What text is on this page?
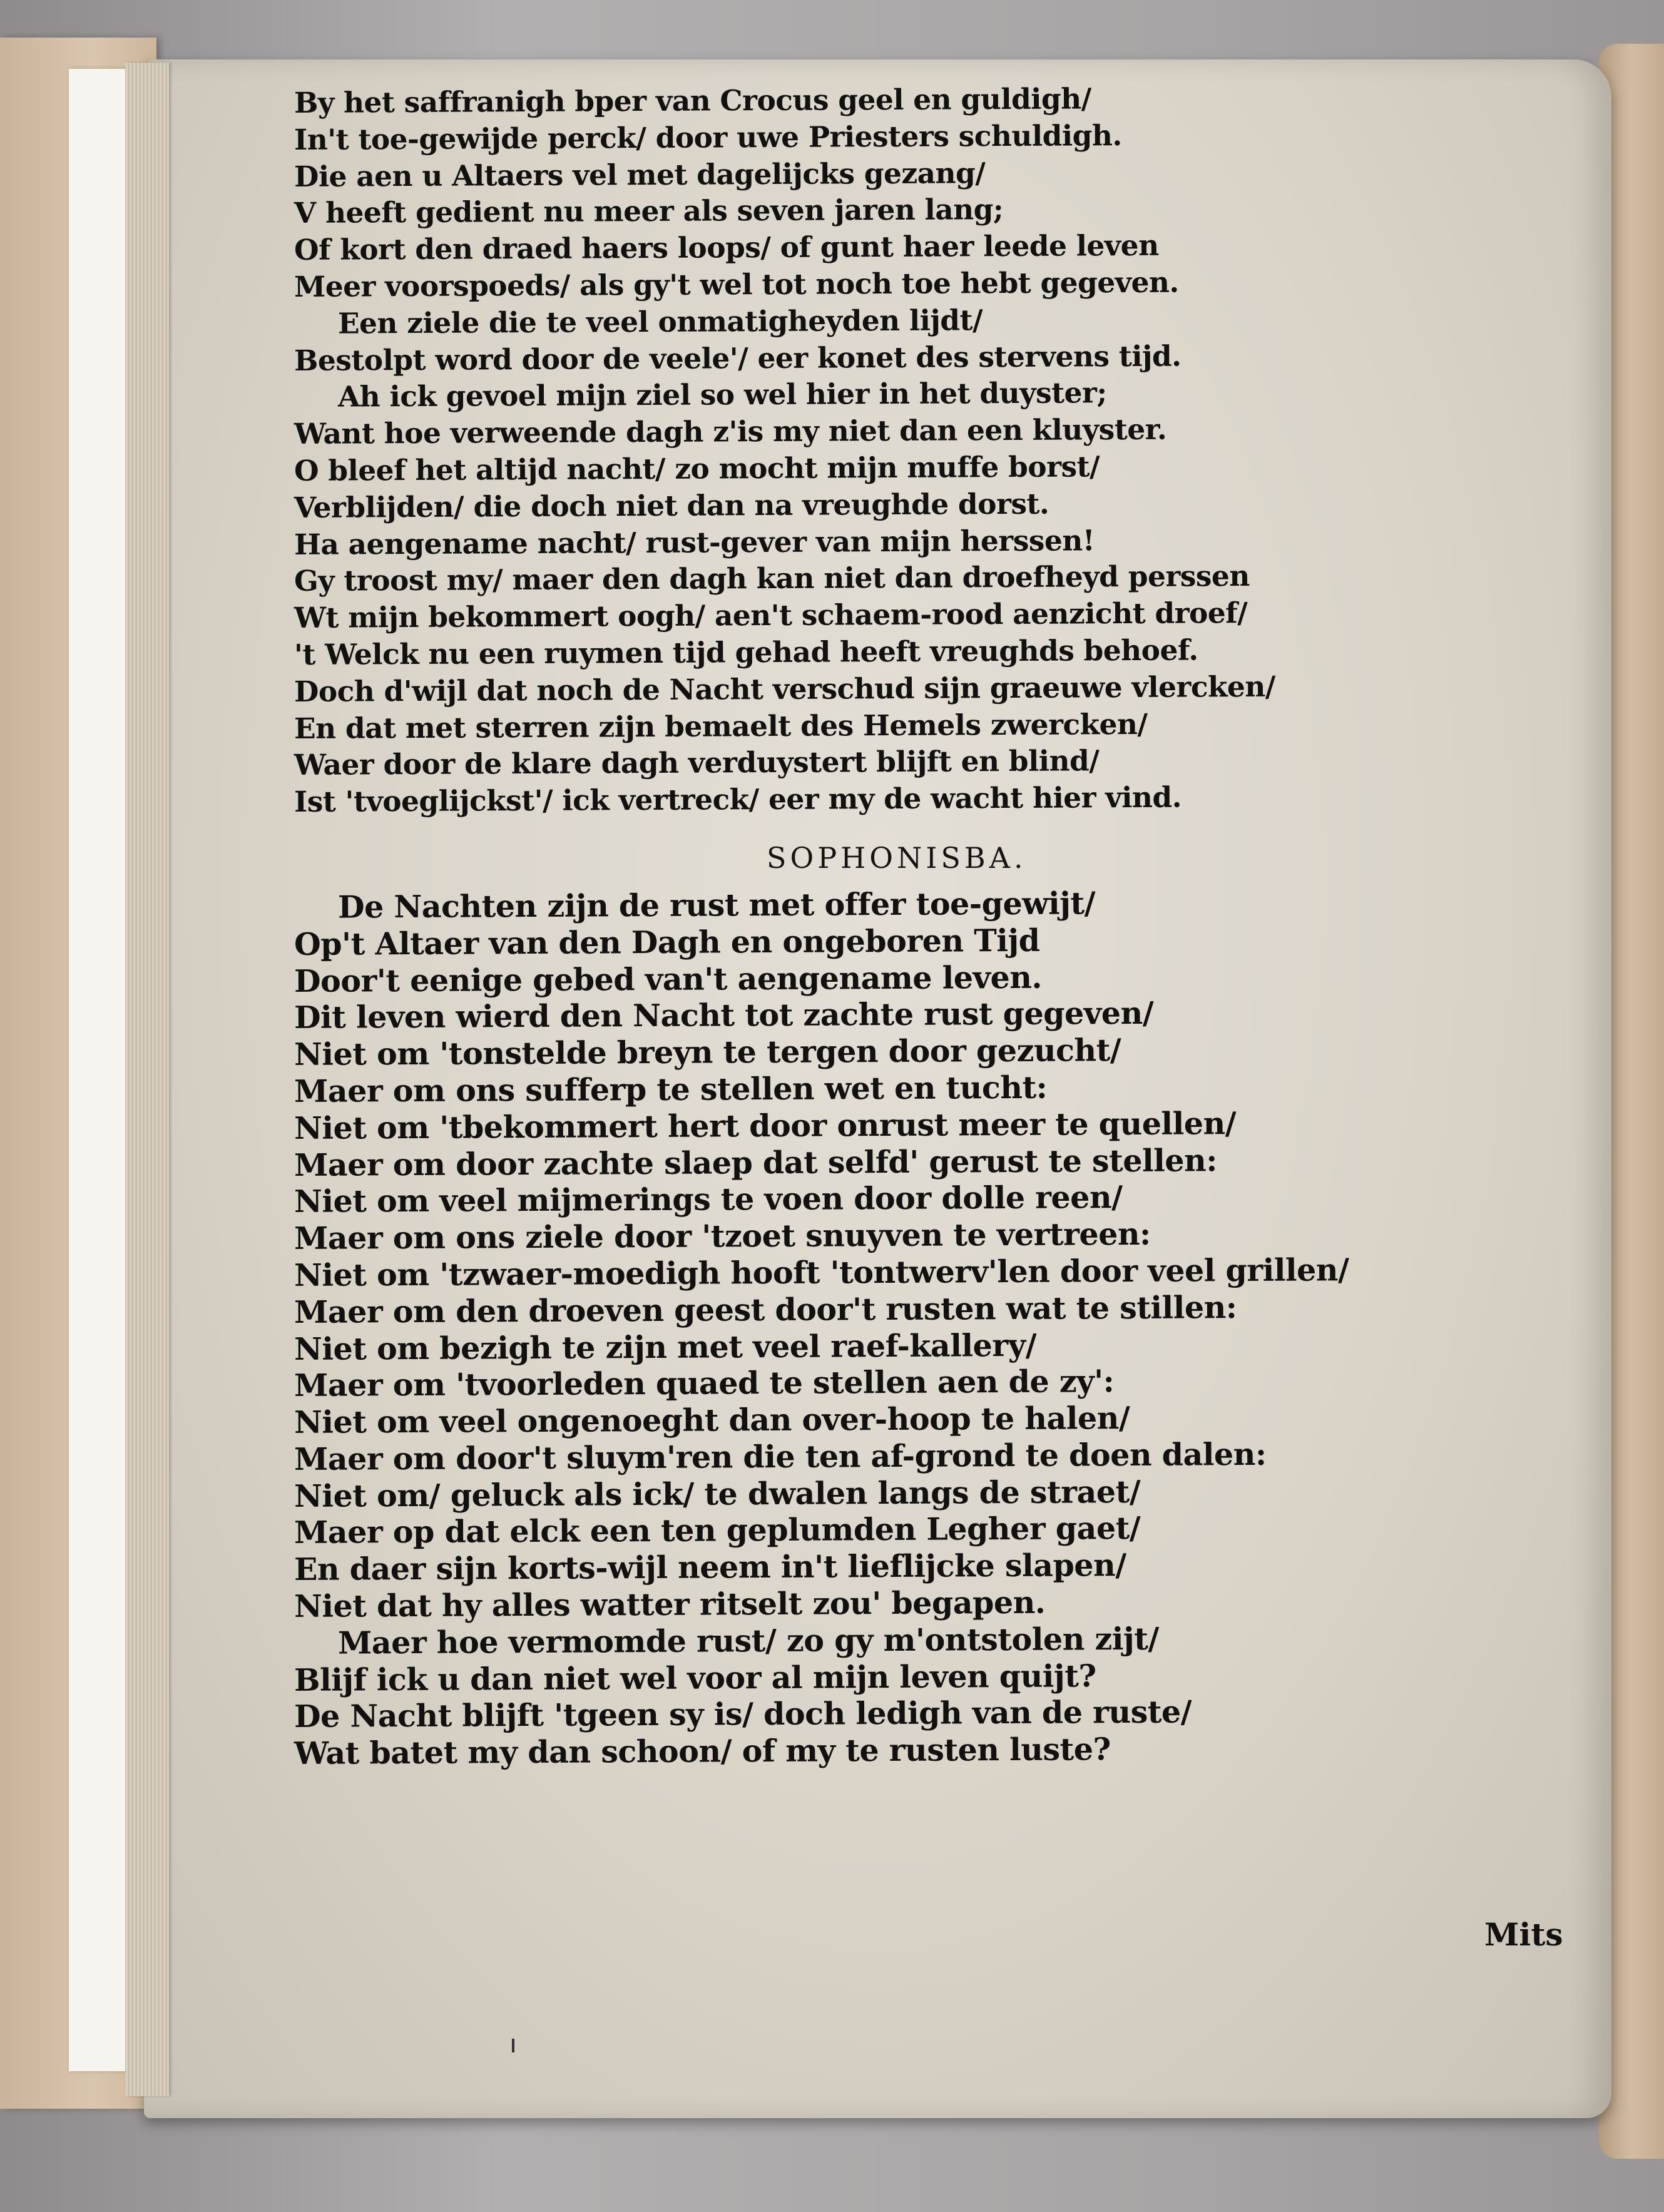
By het saffranigh bper van Crocus geel en guldigh/
In't toe-gewijde perck/ door uwe Priesters schuldigh.
Die aen u Altaers vel met dagelijcks gezang/
V heeft gedient nu meer als seven jaren lang;
Of kort den draed haers loops/ of gunt haer leede leven
Meer voorspoeds/ als gy't wel tot noch toe hebt gegeven.
Een ziele die te veel onmatigheyden lijdt/
Bestolpt word door de veele'/ eer konet des stervens tijd.
Ah ick gevoel mijn ziel so wel hier in het duyster;
Want hoe verweende dagh z'is my niet dan een kluyster.
O bleef het altijd nacht/ zo mocht mijn muffe borst/
Verblijden/ die doch niet dan na vreughde dorst.
Ha aengename nacht/ rust-gever van mijn herssen!
Gy troost my/ maer den dagh kan niet dan droefheyd perssen
Wt mijn bekommert oogh/ aen't schaem-rood aenzicht droef/
't Welck nu een ruymen tijd gehad heeft vreughds behoef.
Doch d'wijl dat noch de Nacht verschud sijn graeuwe vlercken/
En dat met sterren zijn bemaelt des Hemels zwercken/
Waer door de klare dagh verduystert blijft en blind/
Ist 'tvoeglijckst'/ ick vertreck/ eer my de wacht hier vind.
SOPHONISBA.
De Nachten zijn de rust met offer toe-gewijt/
Op't Altaer van den Dagh en ongeboren Tijd
Door't eenige gebed van't aengename leven.
Dit leven wierd den Nacht tot zachte rust gegeven/
Niet om 'tonstelde breyn te tergen door gezucht/
Maer om ons sufferp te stellen wet en tucht:
Niet om 'tbekommert hert door onrust meer te quellen/
Maer om door zachte slaep dat selfd' gerust te stellen:
Niet om veel mijmerings te voen door dolle reen/
Maer om ons ziele door 'tzoet snuyven te vertreen:
Niet om 'tzwaer-moedigh hooft 'tontwerv'len door veel grillen/
Maer om den droeven geest door't rusten wat te stillen:
Niet om bezigh te zijn met veel raef-kallery/
Maer om 'tvoorleden quaed te stellen aen de zy':
Niet om veel ongenoeght dan over-hoop te halen/
Maer om door't sluym'ren die ten af-grond te doen dalen:
Niet om/ geluck als ick/ te dwalen langs de straet/
Maer op dat elck een ten geplumden Legher gaet/
En daer sijn korts-wijl neem in't lieflijcke slapen/
Niet dat hy alles watter ritselt zou' begapen.
Maer hoe vermomde rust/ zo gy m'ontstolen zijt/
Blijf ick u dan niet wel voor al mijn leven quijt?
De Nacht blijft 'tgeen sy is/ doch ledigh van de ruste/
Wat batet my dan schoon/ of my te rusten luste?
Mits
